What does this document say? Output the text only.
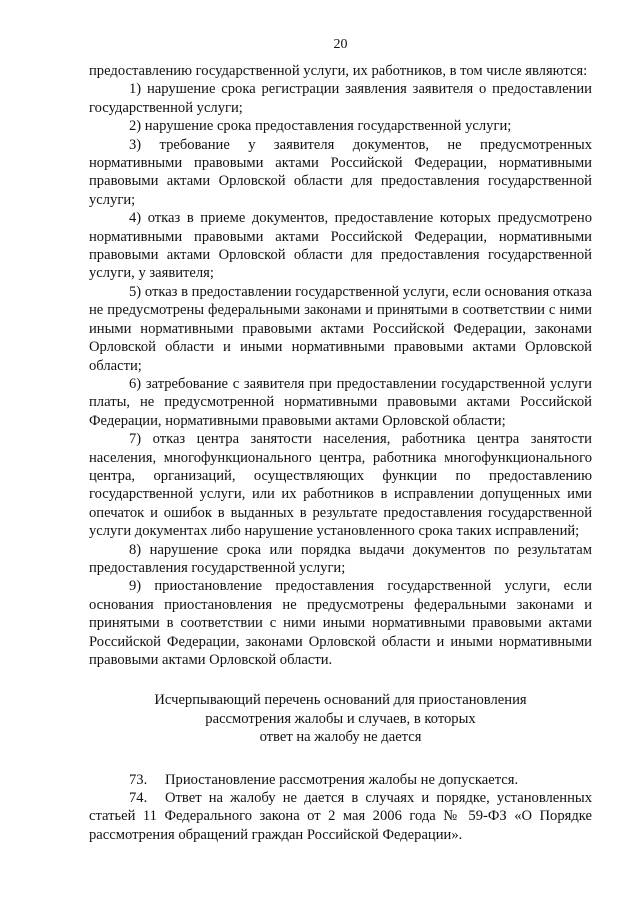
20

предоставлению государственной услуги, их работников, в том числе являются:

1) нарушение срока регистрации заявления заявителя о предоставлении государственной услуги;

2) нарушение срока предоставления государственной услуги;

3) требование у заявителя документов, не предусмотренных нормативными правовыми актами Российской Федерации, нормативными правовыми актами Орловской области для предоставления государственной услуги;

4) отказ в приеме документов, предоставление которых предусмотрено нормативными правовыми актами Российской Федерации, нормативными правовыми актами Орловской области для предоставления государственной услуги, у заявителя;

5) отказ в предоставлении государственной услуги, если основания отказа не предусмотрены федеральными законами и принятыми в соответствии с ними иными нормативными правовыми актами Российской Федерации, законами Орловской области и иными нормативными правовыми актами Орловской области;

6) затребование с заявителя при предоставлении государственной услуги платы, не предусмотренной нормативными правовыми актами Российской Федерации, нормативными правовыми актами Орловской области;

7) отказ центра занятости населения, работника центра занятости населения, многофункционального центра, работника многофункционального центра, организаций, осуществляющих функции по предоставлению государственной услуги, или их работников в исправлении допущенных ими опечаток и ошибок в выданных в результате предоставления государственной услуги документах либо нарушение установленного срока таких исправлений;

8) нарушение срока или порядка выдачи документов по результатам предоставления государственной услуги;

9) приостановление предоставления государственной услуги, если основания приостановления не предусмотрены федеральными законами и принятыми в соответствии с ними иными нормативными правовыми актами Российской Федерации, законами Орловской области и иными нормативными правовыми актами Орловской области.

Исчерпывающий перечень оснований для приостановления
рассмотрения жалобы и случаев, в которых
ответ на жалобу не дается

73. Приостановление рассмотрения жалобы не допускается.

74. Ответ на жалобу не дается в случаях и порядке, установленных статьей 11 Федерального закона от 2 мая 2006 года № 59-ФЗ «О Порядке рассмотрения обращений граждан Российской Федерации».
